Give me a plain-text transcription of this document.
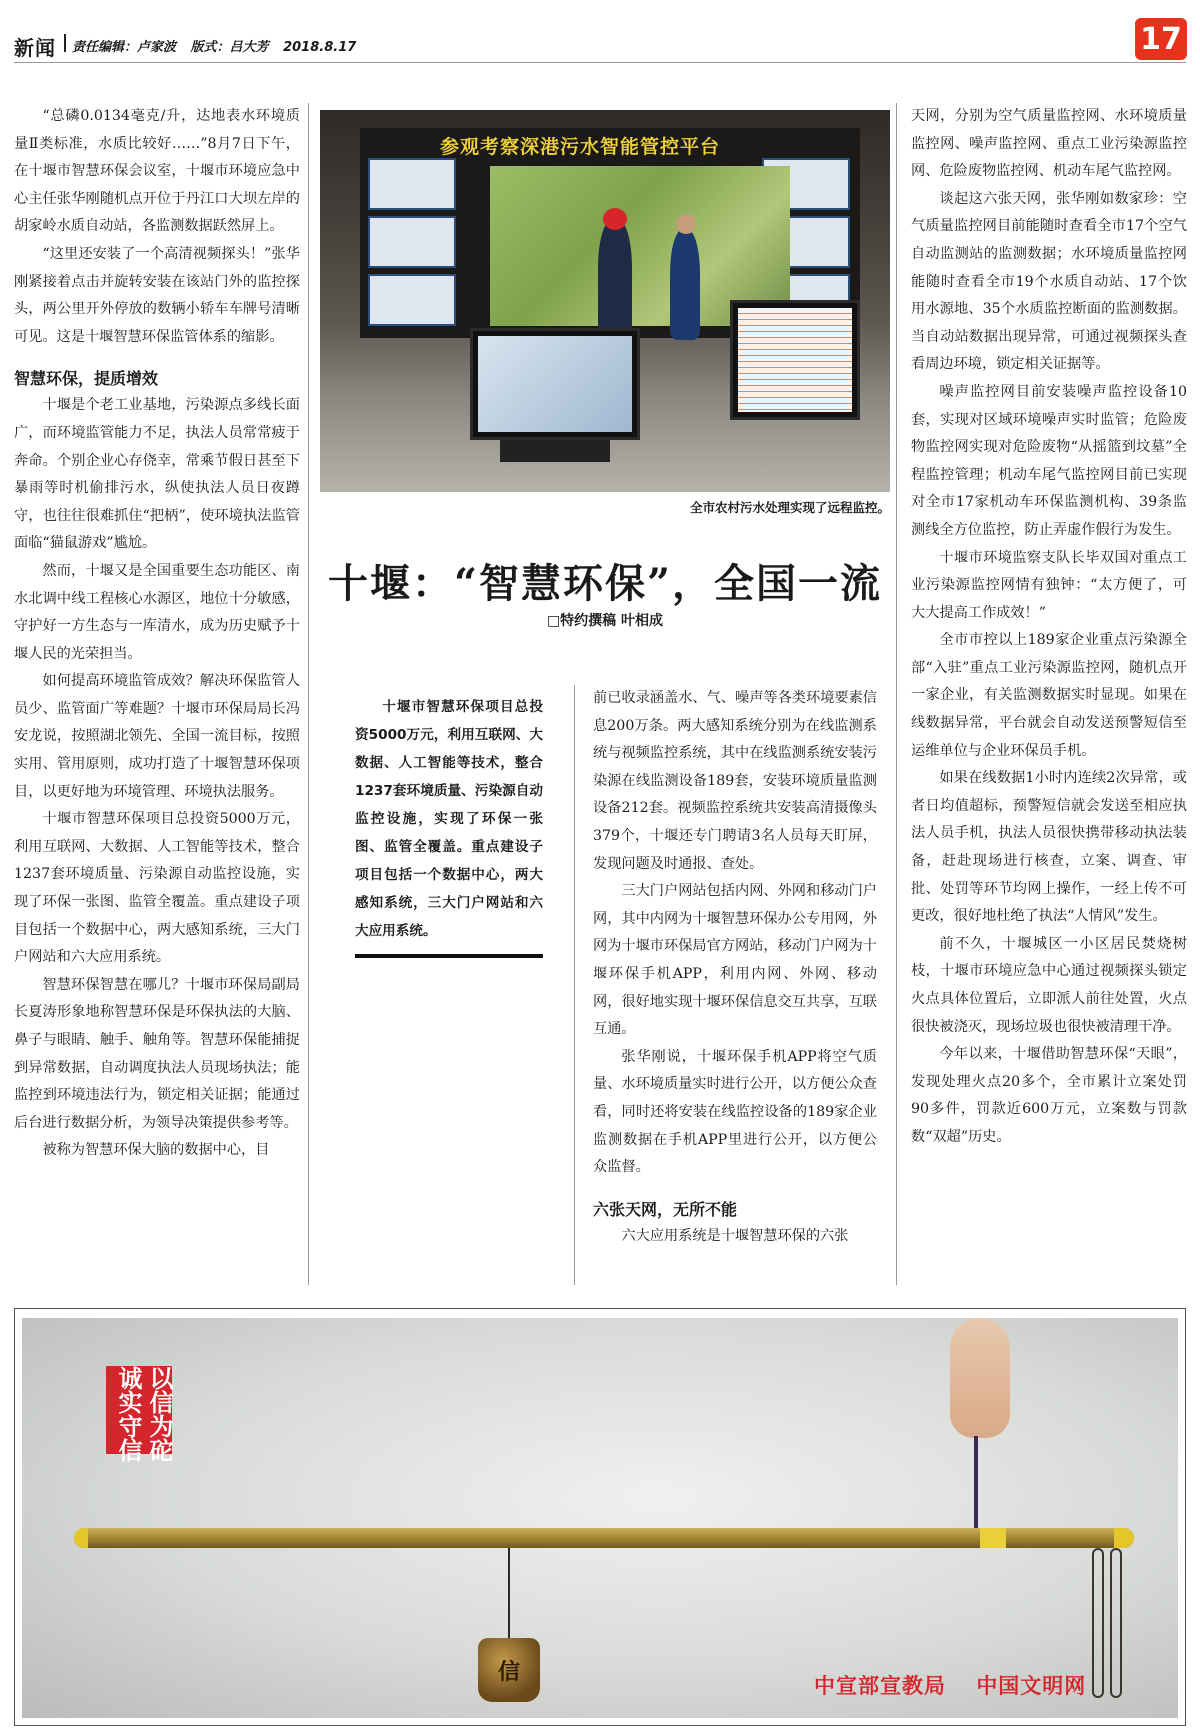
新闻 责任编辑：卢家波 版式：吕大芳 2018.8.17	17

“总磷0.0134毫克/升，达地表水环境质量Ⅱ类标准，水质比较好……”8月7日下午，在十堰市智慧环保会议室，十堰市环境应急中心主任张华刚随机点开位于丹江口大坝左岸的胡家岭水质自动站，各监测数据跃然屏上。

“这里还安装了一个高清视频探头！”张华刚紧接着点击并旋转安装在该站门外的监控探头，两公里开外停放的数辆小轿车车牌号清晰可见。这是十堰智慧环保监管体系的缩影。

智慧环保，提质增效

十堰是个老工业基地，污染源点多线长面广，而环境监管能力不足，执法人员常常疲于奔命。个别企业心存侥幸，常乘节假日甚至下暴雨等时机偷排污水，纵使执法人员日夜蹲守，也往往很难抓住“把柄”，使环境执法监管面临“猫鼠游戏”尴尬。

然而，十堰又是全国重要生态功能区、南水北调中线工程核心水源区，地位十分敏感，守护好一方生态与一库清水，成为历史赋予十堰人民的光荣担当。

如何提高环境监管成效？解决环保监管人员少、监管面广等难题？十堰市环保局局长冯安龙说，按照湖北领先、全国一流目标，按照实用、管用原则，成功打造了十堰智慧环保项目，以更好地为环境管理、环境执法服务。

十堰市智慧环保项目总投资5000万元，利用互联网、大数据、人工智能等技术，整合1237套环境质量、污染源自动监控设施，实现了环保一张图、监管全覆盖。重点建设子项目包括一个数据中心，两大感知系统，三大门户网站和六大应用系统。

智慧环保智慧在哪儿？十堰市环保局副局长夏涛形象地称智慧环保是环保执法的大脑、鼻子与眼睛、触手、触角等。智慧环保能捕捉到异常数据，自动调度执法人员现场执法；能监控到环境违法行为，锁定相关证据；能通过后台进行数据分析，为领导决策提供参考等。

被称为智慧环保大脑的数据中心，目

参观考察深港污水智能管控平台
全市农村污水处理实现了远程监控。
十堰：“智慧环保”，全国一流
□特约撰稿 叶相成
十堰市智慧环保项目总投资5000万元，利用互联网、大数据、人工智能等技术，整合1237套环境质量、污染源自动监控设施，实现了环保一张图、监管全覆盖。重点建设子项目包括一个数据中心，两大感知系统，三大门户网站和六大应用系统。

前已收录涵盖水、气、噪声等各类环境要素信息200万条。两大感知系统分别为在线监测系统与视频监控系统，其中在线监测系统安装污染源在线监测设备189套，安装环境质量监测设备212套。视频监控系统共安装高清摄像头379个，十堰还专门聘请3名人员每天盯屏，发现问题及时通报、查处。

三大门户网站包括内网、外网和移动门户网，其中内网为十堰智慧环保办公专用网，外网为十堰市环保局官方网站，移动门户网为十堰环保手机APP，利用内网、外网、移动网，很好地实现十堰环保信息交互共享，互联互通。

张华刚说，十堰环保手机APP将空气质量、水环境质量实时进行公开，以方便公众查看，同时还将安装在线监控设备的189家企业监测数据在手机APP里进行公开，以方便公众监督。

六张天网，无所不能

六大应用系统是十堰智慧环保的六张

天网，分别为空气质量监控网、水环境质量监控网、噪声监控网、重点工业污染源监控网、危险废物监控网、机动车尾气监控网。

谈起这六张天网，张华刚如数家珍：空气质量监控网目前能随时查看全市17个空气自动监测站的监测数据；水环境质量监控网能随时查看全市19个水质自动站、17个饮用水源地、35个水质监控断面的监测数据。当自动站数据出现异常，可通过视频探头查看周边环境，锁定相关证据等。

噪声监控网目前安装噪声监控设备10套，实现对区域环境噪声实时监管；危险废物监控网实现对危险废物“从摇篮到坟墓”全程监控管理；机动车尾气监控网目前已实现对全市17家机动车环保监测机构、39条监测线全方位监控，防止弄虚作假行为发生。

十堰市环境监察支队长毕双国对重点工业污染源监控网情有独钟：“太方便了，可大大提高工作成效！”

全市市控以上189家企业重点污染源全部“入驻”重点工业污染源监控网，随机点开一家企业，有关监测数据实时显现。如果在线数据异常，平台就会自动发送预警短信至运维单位与企业环保员手机。

如果在线数据1小时内连续2次异常，或者日均值超标，预警短信就会发送至相应执法人员手机，执法人员很快携带移动执法装备，赶赴现场进行核查，立案、调查、审批、处罚等环节均网上操作，一经上传不可更改，很好地杜绝了执法“人情风”发生。

前不久，十堰城区一小区居民焚烧树枝，十堰市环境应急中心通过视频探头锁定火点具体位置后，立即派人前往处置，火点很快被浇灭，现场垃圾也很快被清理干净。

今年以来，十堰借助智慧环保“天眼”，发现处理火点20多个，全市累计立案处罚90多件，罚款近600万元，立案数与罚款数“双超”历史。

诚 以
实 信
守 为
信 砣
信
中宣部宣教局 中国文明网
